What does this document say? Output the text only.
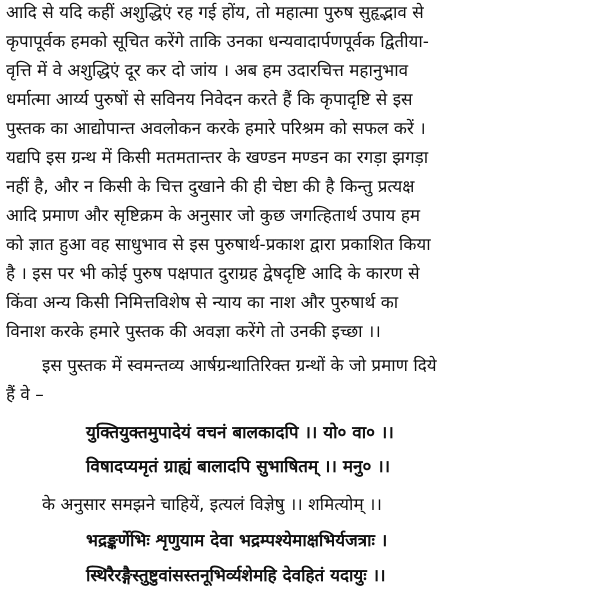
आदि से यदि कहीं अशुद्धिएं रह गई होंय, तो महात्मा पुरुष सुहृद्भाव से
कृपापूर्वक हमको सूचित करेंगे ताकि उनका धन्यवादार्पणपूर्वक द्वितीया-
वृत्ति में वे अशुद्धिएं दूर कर दो जांय । अब हम उदारचित्त महानुभाव
धर्मात्मा आर्य्य पुरुषों से सविनय निवेदन करते हैं कि कृपादृष्टि से इस
पुस्तक का आद्योपान्त अवलोकन करके हमारे परिश्रम को सफल करें ।
यद्यपि इस ग्रन्थ में किसी मतमतान्तर के खण्डन मण्डन का रगड़ा झगड़ा
नहीं है, और न किसी के चित्त दुखाने की ही चेष्टा की है किन्तु प्रत्यक्ष
आदि प्रमाण और सृष्टिक्रम के अनुसार जो कुछ जगत्हितार्थ उपाय हम
को ज्ञात हुआ वह साधुभाव से इस पुरुषार्थ-प्रकाश द्वारा प्रकाशित किया
है । इस पर भी कोई पुरुष पक्षपात दुराग्रह द्वेषदृष्टि आदि के कारण से
किंवा अन्य किसी निमित्तविशेष से न्याय का नाश और पुरुषार्थ का
विनाश करके हमारे पुस्तक की अवज्ञा करेंगे तो उनकी इच्छा ।।
इस पुस्तक में स्वमन्तव्य आर्षग्रन्थातिरिक्त ग्रन्थों के जो प्रमाण दिये
हैं वे –
युक्तियुक्तमुपादेयं वचनं बालकादपि ।। यो० वा० ।।
विषादप्यमृतं ग्राह्यं बालादपि सुभाषितम् ।। मनु० ।।
के अनुसार समझने चाहियें, इत्यलं विज्ञेषु ।। शमित्योम् ।।
भद्रङ्कर्णेभिः शृणुयाम देवा भद्रम्पश्येमाक्षभिर्यजत्राः ।
स्थिरैरङ्गैस्तुष्टुवांसस्तनूभिर्व्यशेमहि देवहितं यदायुः ।।
